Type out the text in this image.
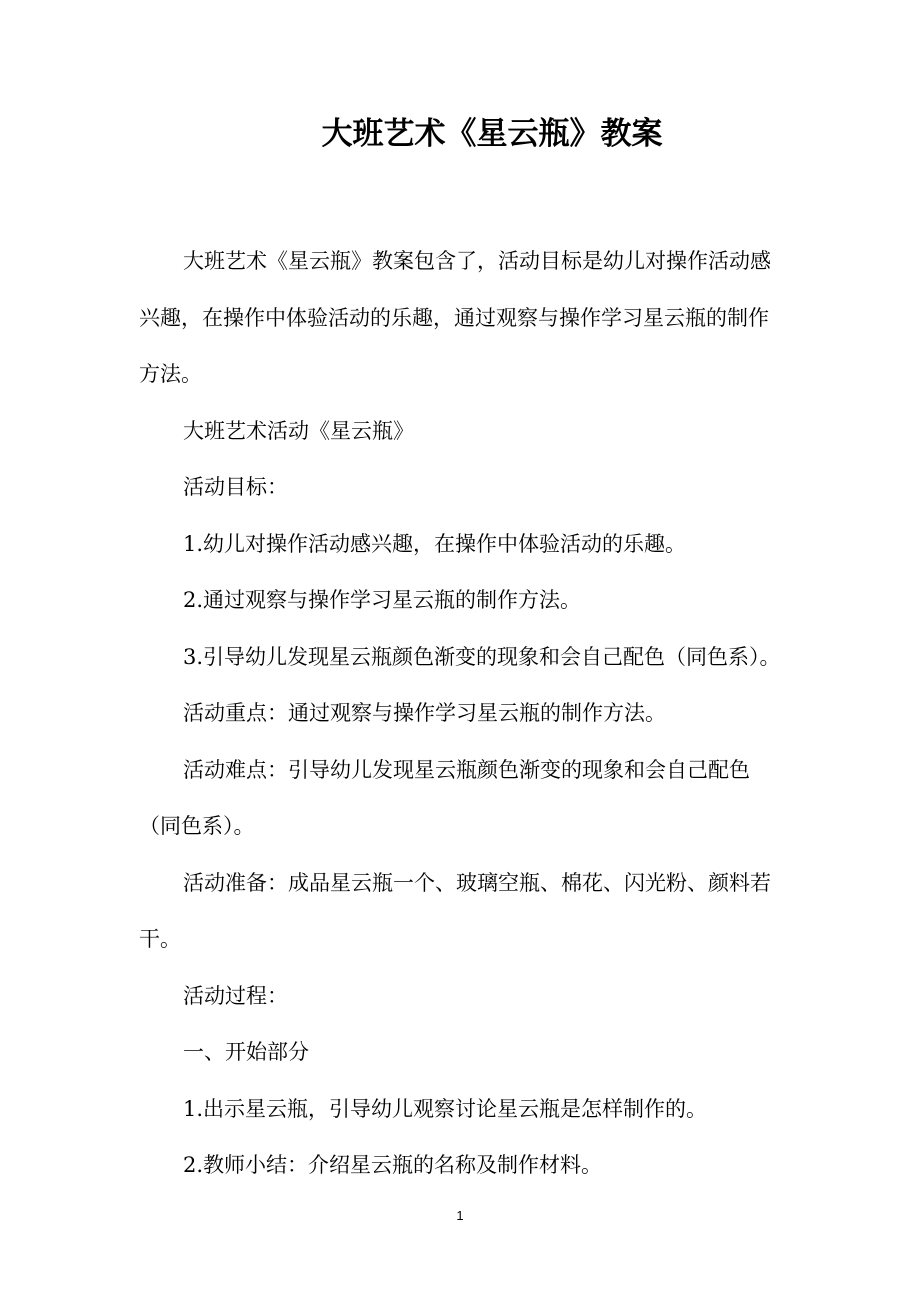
大班艺术《星云瓶》教案

大班艺术《星云瓶》教案包含了，活动目标是幼儿对操作活动感

兴趣，在操作中体验活动的乐趣，通过观察与操作学习星云瓶的制作

方法。

大班艺术活动《星云瓶》

活动目标：

1.幼儿对操作活动感兴趣，在操作中体验活动的乐趣。

2.通过观察与操作学习星云瓶的制作方法。

3.引导幼儿发现星云瓶颜色渐变的现象和会自己配色（同色系）。

活动重点：通过观察与操作学习星云瓶的制作方法。

活动难点：引导幼儿发现星云瓶颜色渐变的现象和会自己配色

（同色系）。

活动准备：成品星云瓶一个、玻璃空瓶、棉花、闪光粉、颜料若

干。

活动过程：

一、开始部分

1.出示星云瓶，引导幼儿观察讨论星云瓶是怎样制作的。

2.教师小结：介绍星云瓶的名称及制作材料。

1
